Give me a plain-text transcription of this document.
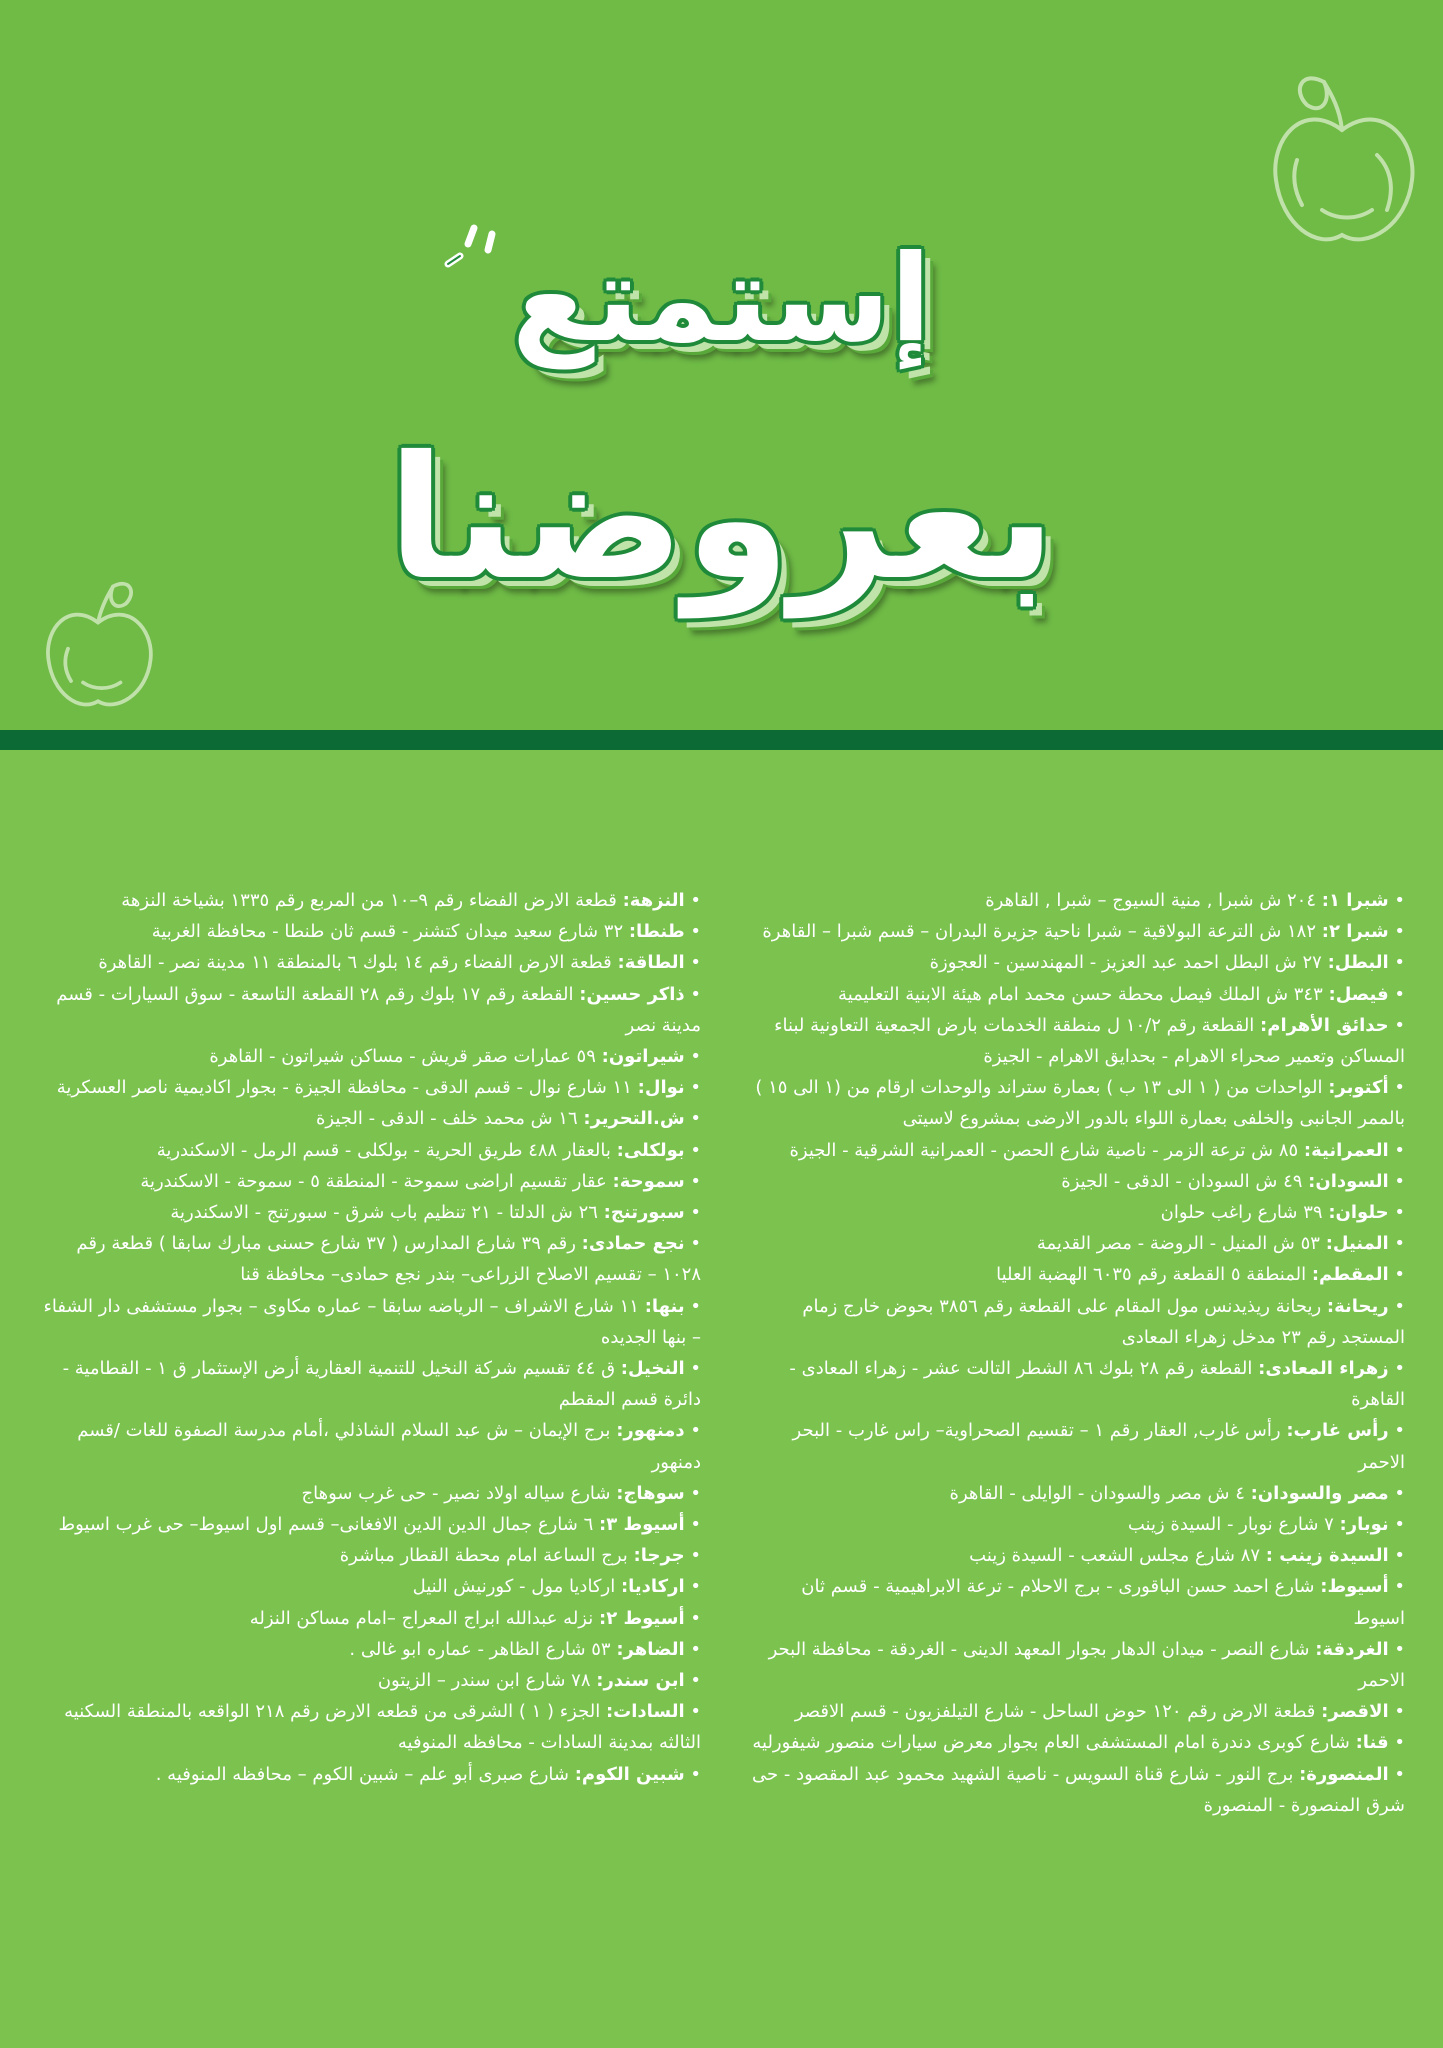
إستمتع
بعروضنا

• شبرا ١: ٢٠٤ ش شبرا , منية السيوج – شبرا , القاهرة

• شبرا ٢: ١٨٢ ش الترعة البولاقية – شبرا ناحية جزيرة البدران – قسم شبرا – القاهرة

• البطل: ٢٧ ش البطل احمد عبد العزيز - المهندسين - العجوزة

• فيصل: ٣٤٣ ش الملك فيصل محطة حسن محمد امام هيئة الابنية التعليمية

• حدائق الأهرام: القطعة رقم ١٠/٢ ل منطقة الخدمات بارض الجمعية التعاونية لبناء المساكن وتعمير صحراء الاهرام - بحدايق الاهرام - الجيزة

• أكتوبر: الواحدات من ( ١ الى ١٣ ب ) بعمارة ستراند والوحدات ارقام من (١ الى ١٥ ) بالممر الجانبى والخلفى بعمارة اللواء بالدور الارضى بمشروع لاسيتى

• العمرانية: ٨٥ ش ترعة الزمر - ناصية شارع الحصن - العمرانية الشرقية - الجيزة

• السودان: ٤٩ ش السودان - الدقى - الجيزة

• حلوان: ٣٩ شارع راغب حلوان

• المنيل: ٥٣ ش المنيل - الروضة - مصر القديمة

• المقطم: المنطقة ٥ القطعة رقم ٦٠٣٥ الهضبة العليا

• ريحانة: ريحانة ريذيدنس مول المقام على القطعة رقم ٣٨٥٦ بحوض خارج زمام المستجد رقم ٢٣ مدخل زهراء المعادى

• زهراء المعادى: القطعة رقم ٢٨ بلوك ٨٦ الشطر التالت عشر - زهراء المعادى - القاهرة

• رأس غارب: رأس غارب, العقار رقم ١ – تقسيم الصحراوية– راس غارب - البحر الاحمر

• مصر والسودان: ٤ ش مصر والسودان - الوايلى - القاهرة

• نوبار: ٧ شارع نوبار - السيدة زينب

• السيدة زينب : ٨٧ شارع مجلس الشعب - السيدة زينب

• أسيوط: شارع احمد حسن الباقورى - برج الاحلام - ترعة الابراهيمية - قسم ثان اسيوط

• الغردقة: شارع النصر - ميدان الدهار بجوار المعهد الدينى - الغردقة - محافظة البحر الاحمر

• الاقصر: قطعة الارض رقم ١٢٠ حوض الساحل - شارع التيلفزيون - قسم الاقصر

• قنا: شارع كوبرى دندرة امام المستشفى العام بجوار معرض سيارات منصور شيفورليه

• المنصورة: برج النور - شارع قناة السويس - ناصية الشهيد محمود عبد المقصود - حى شرق المنصورة - المنصورة

• النزهة: قطعة الارض الفضاء رقم ٩–١٠ من المربع رقم ١٣٣٥ بشياخة النزهة

• طنطا: ٣٢ شارع سعيد ميدان كتشنر - قسم ثان طنطا - محافظة الغربية

• الطاقة: قطعة الارض الفضاء رقم ١٤ بلوك ٦ بالمنطقة ١١ مدينة نصر - القاهرة

• ذاكر حسين: القطعة رقم ١٧ بلوك رقم ٢٨ القطعة التاسعة - سوق السيارات - قسم مدينة نصر

• شيراتون: ٥٩ عمارات صقر قريش - مساكن شيراتون - القاهرة

• نوال: ١١ شارع نوال - قسم الدقى - محافظة الجيزة - بجوار اكاديمية ناصر العسكرية

• ش.التحرير: ١٦ ش محمد خلف - الدقى - الجيزة

• بولكلى: بالعقار ٤٨٨ طريق الحرية - بولكلى - قسم الرمل - الاسكندرية

• سموحة: عقار تقسيم اراضى سموحة - المنطقة ٥ - سموحة - الاسكندرية

• سبورتنج: ٢٦ ش الدلتا - ٢١ تنظيم باب شرق - سبورتنج - الاسكندرية

• نجع حمادى: رقم ٣٩ شارع المدارس ( ٣٧ شارع حسنى مبارك سابقا ) قطعة رقم ١٠٢٨ – تقسيم الاصلاح الزراعى– بندر نجع حمادى– محافظة قنا

• بنها: ١١ شارع الاشراف – الرياضه سابقا – عماره مكاوى – بجوار مستشفى دار الشفاء – بنها الجديده

• النخيل: ق ٤٤ تقسيم شركة النخيل للتنمية العقارية أرض الإستثمار ق ١ - القطامية - دائرة قسم المقطم

• دمنهور: برج الإيمان – ش عبد السلام الشاذلي ،أمام مدرسة الصفوة للغات /قسم دمنهور

• سوهاج: شارع سياله اولاد نصير - حى غرب سوهاج

• أسيوط ٣: ٦ شارع جمال الدين الدين الافغانى– قسم اول اسيوط– حى غرب اسيوط

• جرجا: برج الساعة امام محطة القطار مباشرة

• اركاديا: اركاديا مول - كورنيش النيل

• أسيوط ٢: نزله عبدالله ابراج المعراج –امام مساكن النزله

• الضاهر: ٥٣ شارع الظاهر - عماره ابو غالى .

• ابن سندر: ٧٨ شارع ابن سندر – الزيتون

• السادات: الجزء ( ١ ) الشرقى من قطعه الارض رقم ٢١٨ الواقعه بالمنطقة السكنيه الثالثه بمدينة السادات - محافظه المنوفيه

• شبين الكوم: شارع صبرى أبو علم – شبين الكوم – محافظه المنوفيه .
